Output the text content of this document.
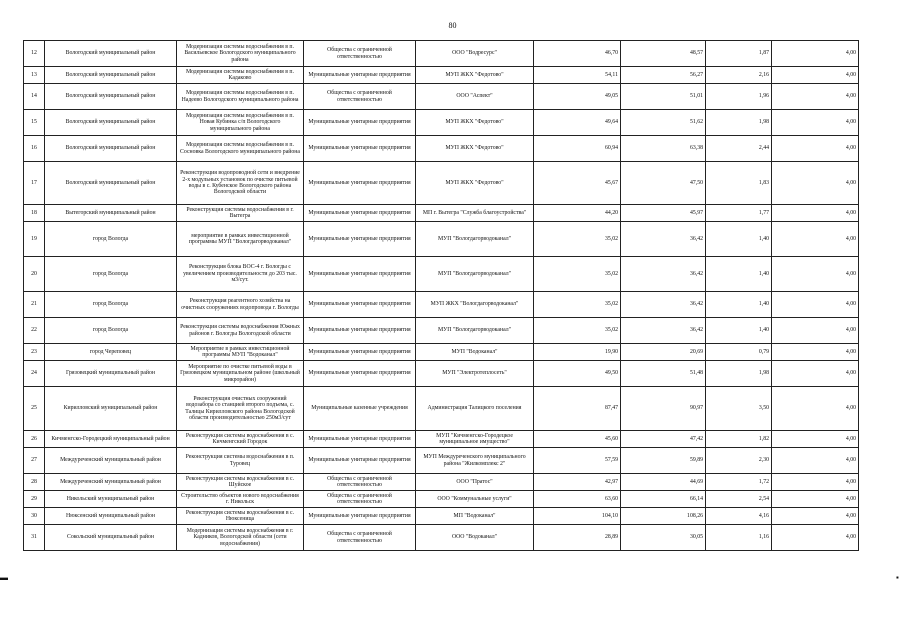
80
12	Вологодский муниципальный район	Модернизация системы водоснабжения в п. Васильевское Вологодского муниципального района	Общества с ограниченной ответственностью	ООО "Водресурс"	46,70	48,57	1,87	4,00
13	Вологодский муниципальный район	Модернизация системы водоснабжения в п. Кадаково	Муниципальные унитарные предприятия	МУП ЖКХ "Федотово"	54,11	56,27	2,16	4,00
14	Вологодский муниципальный район	Модернизация системы водоснабжения в п. Надеево Вологодского муниципального района	Общества с ограниченной ответственностью	ООО "Аспект"	49,05	51,01	1,96	4,00
15	Вологодский муниципальный район	Модернизация системы водоснабжения в п. Новая Кубинка с/п Вологодского муниципального района	Муниципальные унитарные предприятия	МУП ЖКХ "Федотово"	49,64	51,62	1,98	4,00
16	Вологодский муниципальный район	Модернизация системы водоснабжения в п. Сосновка Вологодского муниципального района	Муниципальные унитарные предприятия	МУП ЖКХ "Федотово"	60,94	63,38	2,44	4,00
17	Вологодский муниципальный район	Реконструкция водопроводной сети и внедрение 2-х модульных установок по очистке питьевой воды в с. Кубенское Вологодского района Вологодской области	Муниципальные унитарные предприятия	МУП ЖКХ "Федотово"	45,67	47,50	1,83	4,00
18	Вытегорский муниципальный район	Реконструкция системы водоснабжения в г. Вытегра	Муниципальные унитарные предприятия	МП г. Вытегра "Служба благоустройства"	44,20	45,97	1,77	4,00
19	город Вологда	мероприятие в рамках инвестиционной программы МУП "Вологдагорводоканал"	Муниципальные унитарные предприятия	МУП "Вологдагорводоканал"	35,02	36,42	1,40	4,00
20	город Вологда	Реконструкция блока ВОС-4 г. Вологды с увеличением производительности до 203 тыс. м3/сут.	Муниципальные унитарные предприятия	МУП "Вологдагорводоканал"	35,02	36,42	1,40	4,00
21	город Вологда	Реконструкция реагентного хозяйства на очистных сооружениях водопровода г. Вологды	Муниципальные унитарные предприятия	МУП ЖКХ "Вологдагорводоканал"	35,02	36,42	1,40	4,00
22	город Вологда	Реконструкция системы водоснабжения Южных районов г. Вологды Вологодской области	Муниципальные унитарные предприятия	МУП "Вологдагорводоканал"	35,02	36,42	1,40	4,00
23	город Череповец	Мероприятие в рамках инвестиционной программы МУП "Водоканал"	Муниципальные унитарные предприятия	МУП "Водоканал"	19,90	20,69	0,79	4,00
24	Грязовецкий муниципальный район	Мероприятие по очистке питьевой воды в Грязовецком муниципальном районе (школьный микрорайон)	Муниципальные унитарные предприятия	МУП "Электротеплосеть"	49,50	51,48	1,98	4,00
25	Кирилловский муниципальный район	Реконструкция очистных сооружений водозабора со станцией второго подъема, с. Талицы Кирилловского района Вологодской области производительностью 250м3/сут	Муниципальные казенные учреждения	Администрация Талицкого поселения	87,47	90,97	3,50	4,00
26	Кичменгско-Городецкий муниципальный район	Реконструкция системы водоснабжения в с. Кичменгский Городок	Муниципальные унитарные предприятия	МУП "Кичменгско-Городецкое муниципальное имущество"	45,60	47,42	1,82	4,00
27	Междуреченский муниципальный район	Реконструкция системы водоснабжения в п. Туровец	Муниципальные унитарные предприятия	МУП Междуреченского муниципального района "Жилкомплекс 2"	57,59	59,89	2,30	4,00
28	Междуреченский муниципальный район	Реконструкция системы водоснабжения в с. Шуйское	Общества с ограниченной ответственностью	ООО "Пратос"	42,97	44,69	1,72	4,00
29	Никольский муниципальный район	Строительство объектов нового водоснабжения г. Никольск	Общества с ограниченной ответственностью	ООО "Коммунальные услуги"	63,60	66,14	2,54	4,00
30	Нюксенский муниципальный район	Реконструкция системы водоснабжения в с. Нюксеница	Муниципальные унитарные предприятия	МП "Водоканал"	104,10	108,26	4,16	4,00
31	Сокольский муниципальный район	Модернизация системы водоснабжения в г. Кадников, Вологодской области (сети водоснабжения)	Общества с ограниченной ответственностью	ООО "Водоканал"	28,89	30,05	1,16	4,00
▬	▪
